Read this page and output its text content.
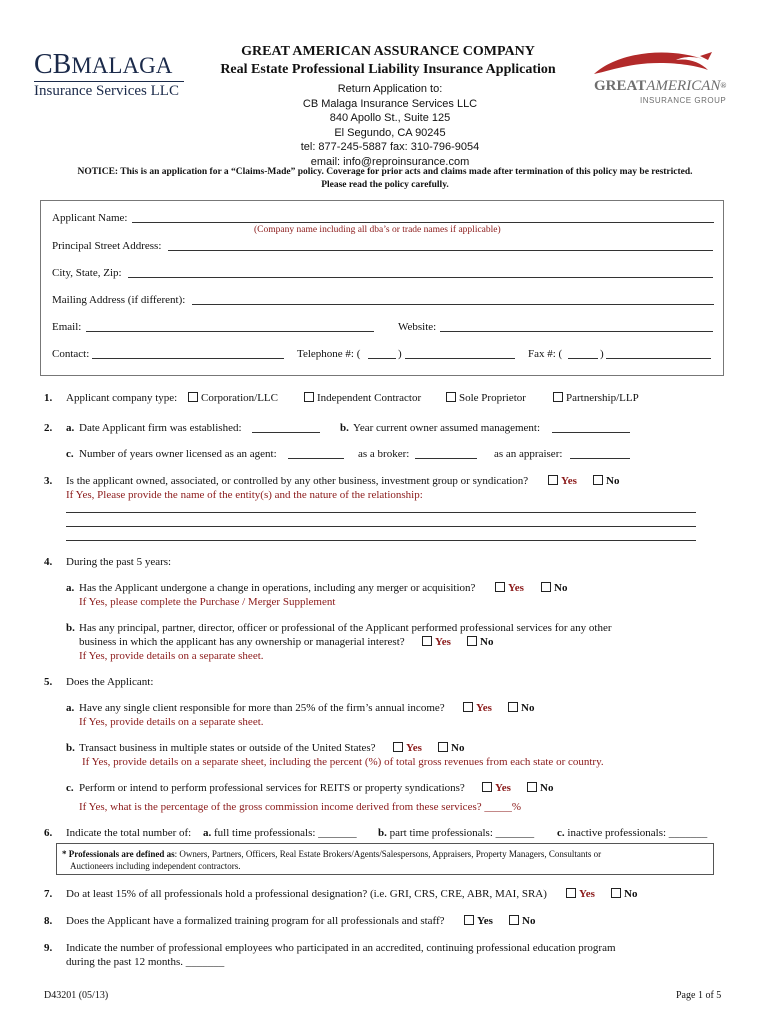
CBMALAGA
Insurance Services LLC
GREAT AMERICAN ASSURANCE COMPANY
Real Estate Professional Liability Insurance Application
Return Application to:
CB Malaga Insurance Services LLC
840 Apollo St., Suite 125
El Segundo, CA 90245
tel: 877-245-5887 fax: 310-796-9054
email: info@reproinsurance.com
GREATAMERICAN®
INSURANCE GROUP
NOTICE: This is an application for a “Claims-Made” policy. Coverage for prior acts and claims made after termination of this policy may be restricted.
Please read the policy carefully.
Applicant Name:
(Company name including all dba’s or trade names if applicable)
Principal Street Address:
City, State, Zip:
Mailing Address (if different):
Email:	Website:
Contact:	Telephone #: (	)	Fax #: (	)
1. Applicant company type:	Corporation/LLC	Independent Contractor	Sole Proprietor	Partnership/LLP
2. a. Date Applicant firm was established:	b. Year current owner assumed management:
c. Number of years owner licensed as an agent:	as a broker:	as an appraiser:
3. Is the applicant owned, associated, or controlled by any other business, investment group or syndication?	Yes	No
If Yes, Please provide the name of the entity(s) and the nature of the relationship:
4. During the past 5 years:
a. Has the Applicant undergone a change in operations, including any merger or acquisition?	Yes	No
If Yes, please complete the Purchase / Merger Supplement
b. Has any principal, partner, director, officer or professional of the Applicant performed professional services for any other
business in which the applicant has any ownership or managerial interest?	Yes	No
If Yes, provide details on a separate sheet.
5. Does the Applicant:
a. Have any single client responsible for more than 25% of the firm’s annual income?	Yes	No
If Yes, provide details on a separate sheet.
b. Transact business in multiple states or outside of the United States?	Yes	No
If Yes, provide details on a separate sheet, including the percent (%) of total gross revenues from each state or country.
c. Perform or intend to perform professional services for REITS or property syndications?	Yes	No
If Yes, what is the percentage of the gross commission income derived from these services? _____%
6. Indicate the total number of: a. full time professionals: _______ b. part time professionals: _______ c. inactive professionals: _______
* Professionals are defined as: Owners, Partners, Officers, Real Estate Brokers/Agents/Salespersons, Appraisers, Property Managers, Consultants or
Auctioneers including independent contractors.
7. Do at least 15% of all professionals hold a professional designation? (i.e. GRI, CRS, CRE, ABR, MAI, SRA)	Yes	No
8. Does the Applicant have a formalized training program for all professionals and staff?	Yes	No
9. Indicate the number of professional employees who participated in an accredited, continuing professional education program
during the past 12 months. _______
D43201 (05/13)	Page 1 of 5
